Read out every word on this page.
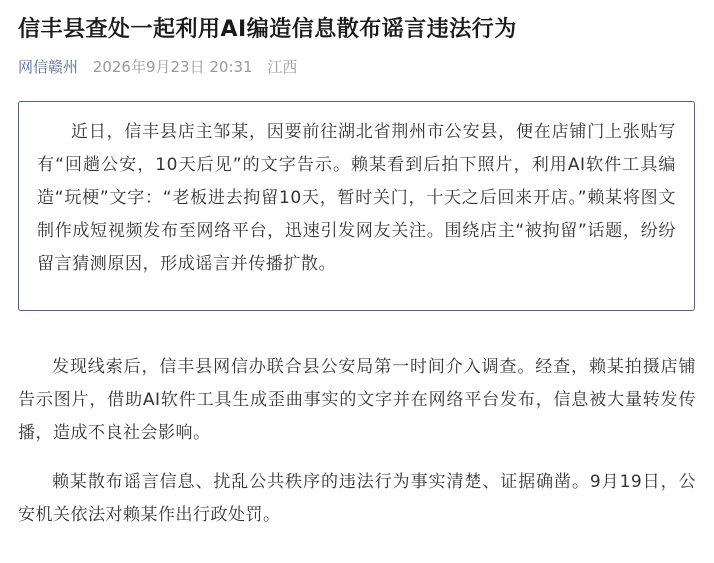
信丰县查处一起利用AI编造信息散布谣言违法行为
网信赣州 2026年9月23日 20:31 江西

近日，信丰县店主邹某，因要前往湖北省荆州市公安县，便在店铺门上张贴写有“回趟公安，10天后见”的文字告示。赖某看到后拍下照片，利用AI软件工具编造“玩梗”文字：“老板进去拘留10天，暂时关门，十天之后回来开店。”赖某将图文制作成短视频发布至网络平台，迅速引发网友关注。围绕店主“被拘留”话题，纷纷留言猜测原因，形成谣言并传播扩散。

发现线索后，信丰县网信办联合县公安局第一时间介入调查。经查，赖某拍摄店铺告示图片，借助AI软件工具生成歪曲事实的文字并在网络平台发布，信息被大量转发传播，造成不良社会影响。

赖某散布谣言信息、扰乱公共秩序的违法行为事实清楚、证据确凿。9月19日，公安机关依法对赖某作出行政处罚。
